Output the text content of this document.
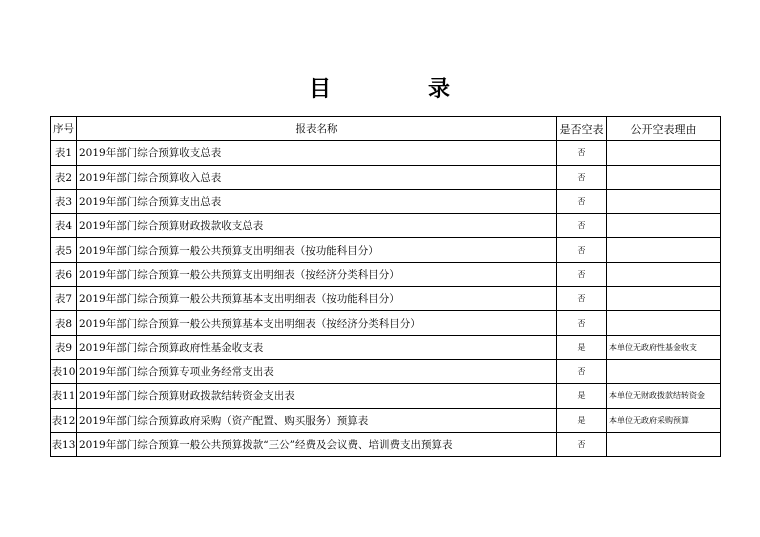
目	录
序号	报表名称	是否空表	公开空表理由
表1	2019年部门综合预算收支总表	否	
表2	2019年部门综合预算收入总表	否	
表3	2019年部门综合预算支出总表	否	
表4	2019年部门综合预算财政拨款收支总表	否	
表5	2019年部门综合预算一般公共预算支出明细表（按功能科目分）	否	
表6	2019年部门综合预算一般公共预算支出明细表（按经济分类科目分）	否	
表7	2019年部门综合预算一般公共预算基本支出明细表（按功能科目分）	否	
表8	2019年部门综合预算一般公共预算基本支出明细表（按经济分类科目分）	否	
表9	2019年部门综合预算政府性基金收支表	是	本单位无政府性基金收支
表10	2019年部门综合预算专项业务经常支出表	否	
表11	2019年部门综合预算财政拨款结转资金支出表	是	本单位无财政拨款结转资金
表12	2019年部门综合预算政府采购（资产配置、购买服务）预算表	是	本单位无政府采购预算
表13	2019年部门综合预算一般公共预算拨款“三公”经费及会议费、培训费支出预算表	否	
